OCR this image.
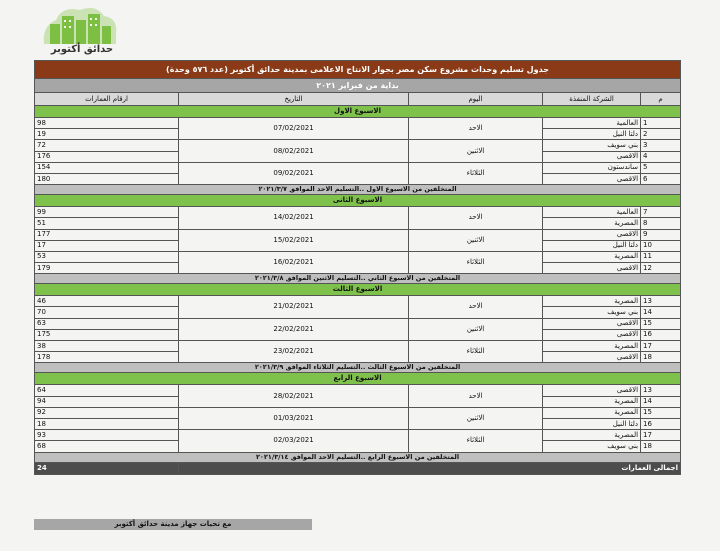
حدائق أكتوبر
جدول تسليم وحدات مشروع سكن مصر بجوار الانتاج الاعلامى بمدينة حدائق أكتوبر (عدد ٥٧٦ وحدة)				
بداية من فبراير ٢٠٢١				
م	الشركة المنفذة	اليوم	التاريخ	ارقام العمارات
الاسبوع الاول				
1	العالمية	الاحد	07/02/2021	98
2	دلتا النيل			19
3	بني سويف	الاثنين	08/02/2021	72
4	الاقصى			176
5	ساندستون	الثلاثاء	09/02/2021	154
6	الاقصى			180
المتخلفين من الاسبوع الاول ..التسليم الاحد الموافق ٢٠٢١/٣/٧				
الاسبوع الثانى				
7	العالمية	الاحد	14/02/2021	99
8	المصرية			51
9	الاقصى	الاثنين	15/02/2021	177
10	دلتا النيل			17
11	المصرية	الثلاثاء	16/02/2021	53
12	الاقصى			179
المتخلفين من الاسبوع الثاني ..التسليم الاثنين الموافق ٢٠٢١/٣/٨				
الاسبوع الثالث				
13	المصرية	الاحد	21/02/2021	46
14	بني سويف			70
15	الاقصى	الاثنين	22/02/2021	63
16	الاقصى			175
17	المصرية	الثلاثاء	23/02/2021	38
18	الاقصى			178
المتخلفين من الاسبوع الثالث ..التسليم الثلاثاء الموافق ٢٠٢١/٣/٩				
الاسبوع الرابع				
13	الاقصى	الاحد	28/02/2021	64
14	المصرية			94
15	المصرية	الاثنين	01/03/2021	92
16	دلتا النيل			18
17	المصرية	الثلاثاء	02/03/2021	93
18	بني سويف			68
المتخلفين من الاسبوع الرابع ..التسليم الاحد الموافق ٢٠٢١/٣/١٤				
اجمالى العمارات				24
مع تحيات جهاز مدينة حدائق أكتوبر
